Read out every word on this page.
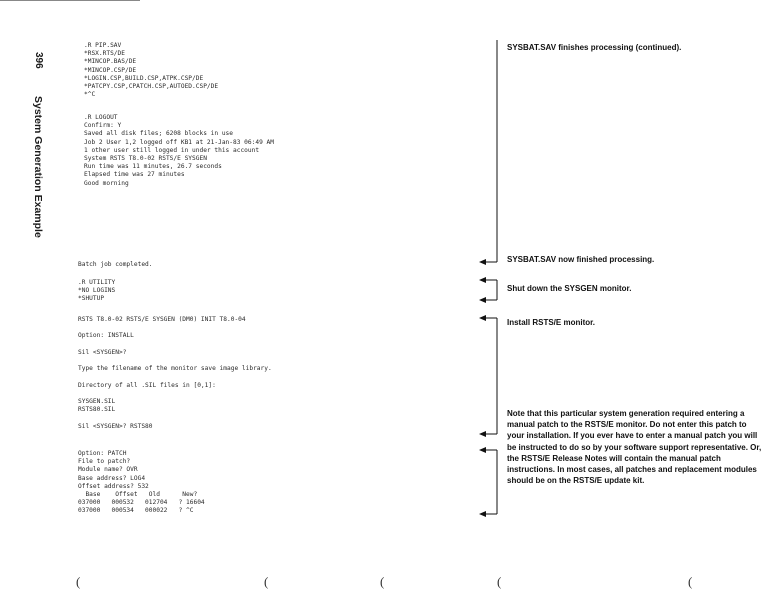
396
System Generation Example
.R PIP.SAV
*RSX.RTS/DE
*MINCOP.BAS/DE
*MINCOP.CSP/DE
*LOGIN.CSP,BUILD.CSP,ATPK.CSP/DE
*PATCPY.CSP,CPATCH.CSP,AUTOED.CSP/DE
*^C
.R LOGOUT
Confirm: Y
Saved all disk files; 6208 blocks in use
Job 2 User 1,2 logged off KB1 at 21-Jan-83 06:49 AM
1 other user still logged in under this account
System RSTS T8.0-02 RSTS/E SYSGEN
Run time was 11 minutes, 26.7 seconds
Elapsed time was 27 minutes
Good morning
Batch job completed.
.R UTILITY
*NO LOGINS
*SHUTUP
RSTS T8.0-02 RSTS/E SYSGEN (DM0) INIT T8.0-04

Option: INSTALL

Sil <SYSGEN>?

Type the filename of the monitor save image library.

Directory of all .SIL files in [0,1]:

SYSGEN.SIL
RSTS80.SIL

Sil <SYSGEN>? RSTS80
Option: PATCH
File to patch?
Module name? OVR
Base address? LOG4
Offset address? 532
Base    Offset   Old      New?
037000   000532   012704   ? 16604
037000   000534   000022   ? ^C
SYSBAT.SAV finishes processing (continued).
SYSBAT.SAV now finished processing.
Shut down the SYSGEN monitor.
Install RSTS/E monitor.
Note that this particular system generation required entering a manual patch to the RSTS/E monitor. Do not enter this patch to your installation. If you ever have to enter a manual patch you will be instructed to do so by your software support representative. Or, the RSTS/E Release Notes will contain the manual patch instructions. In most cases, all patches and replacement modules should be on the RSTS/E update kit.
(	(	(	(	(
